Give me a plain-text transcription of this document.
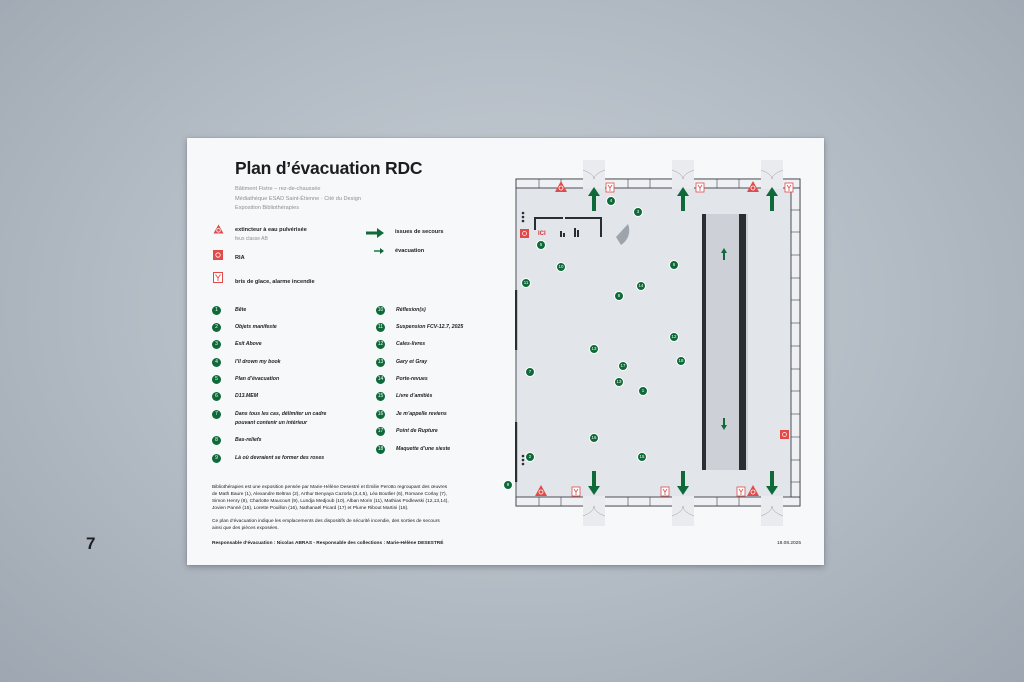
7
Plan d’évacuation RDC
Bâtiment Fistre – rez-de-chaussée
Médiathèque ESAD Saint-Étienne · Cité du Design
Exposition Bibliothérapies
extincteur à eau pulvérisée
feux classe AB
RIA
bris de glace, alarme incendie
issues de secours
évacuation
1	Bête
2	Objets manifeste
3	Exit Above
4	I’ll drown my book
5	Plan d’évacuation
6	D13.MEM
7	Dans tous les cas, délimiter un cadre
pouvant contenir un intérieur
8	Bas-reliefs
9	Là où devraient se former des roses
10	Réflexion(s)
11	Suspension FCV-12.7, 2025
12	Cales-livres
13	Gary et Gray
14	Porte-revues
15	Livre d’amitiés
16	Je m’appelle reviens
17	Point de Rupture
18	Maquette d’une sieste
Bibliothérapies est une exposition pensée par Marie-Hélène Desestré et Émilie Perotto regroupant des œuvres
de Math Baure (1), Alexandre Beltran (2), Arthur Benyaya Cazorla (3,4,5), Léa Boutlier (6), Romane Corlay (7),
Simon Henry (8), Charlotte Maucourt (9), Lundja Medjoub (10), Alban Morin (11), Mathias Podlewski (12,13,14),
Jovien Panné (15), Lorette Pouillon (16), Nathanaël Picard (17) et Plume Ribout Martini (18).
Ce plan d’évacuation indique les emplacements des dispositifs de sécurité incendie, des sorties de secours
ainsi que des pièces exposées.
Responsable d’évacuation : Nicolas ABRAS - Responsable des collections : Marie-Hélène DESESTRÉ	18.08.2025
ICI
4
3
5
10	6
11
8
14
12
13
18
7
17
13
1
16
15
2
9
